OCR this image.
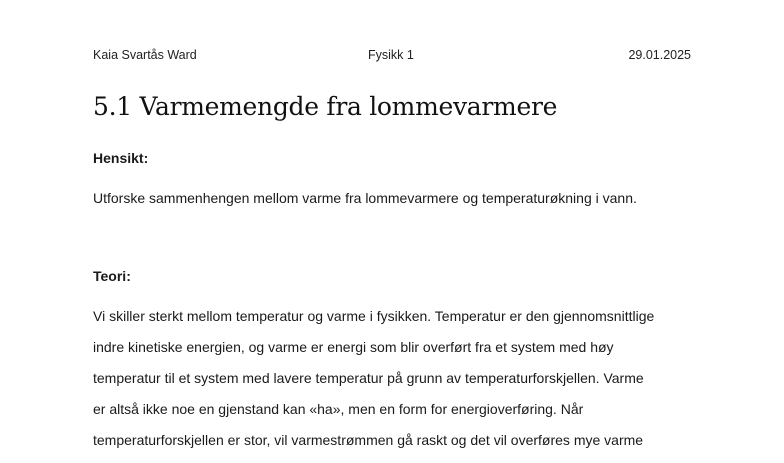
Kaia Svartås Ward	Fysikk 1	29.01.2025
5.1 Varmemengde fra lommevarmere
Hensikt:

Utforske sammenhengen mellom varme fra lommevarmere og temperaturøkning i vann.

Teori:
Vi skiller sterkt mellom temperatur og varme i fysikken. Temperatur er den gjennomsnittlige
indre kinetiske energien, og varme er energi som blir overført fra et system med høy
temperatur til et system med lavere temperatur på grunn av temperaturforskjellen. Varme
er altså ikke noe en gjenstand kan «ha», men en form for energioverføring. Når
temperaturforskjellen er stor, vil varmestrømmen gå raskt og det vil overføres mye varme
